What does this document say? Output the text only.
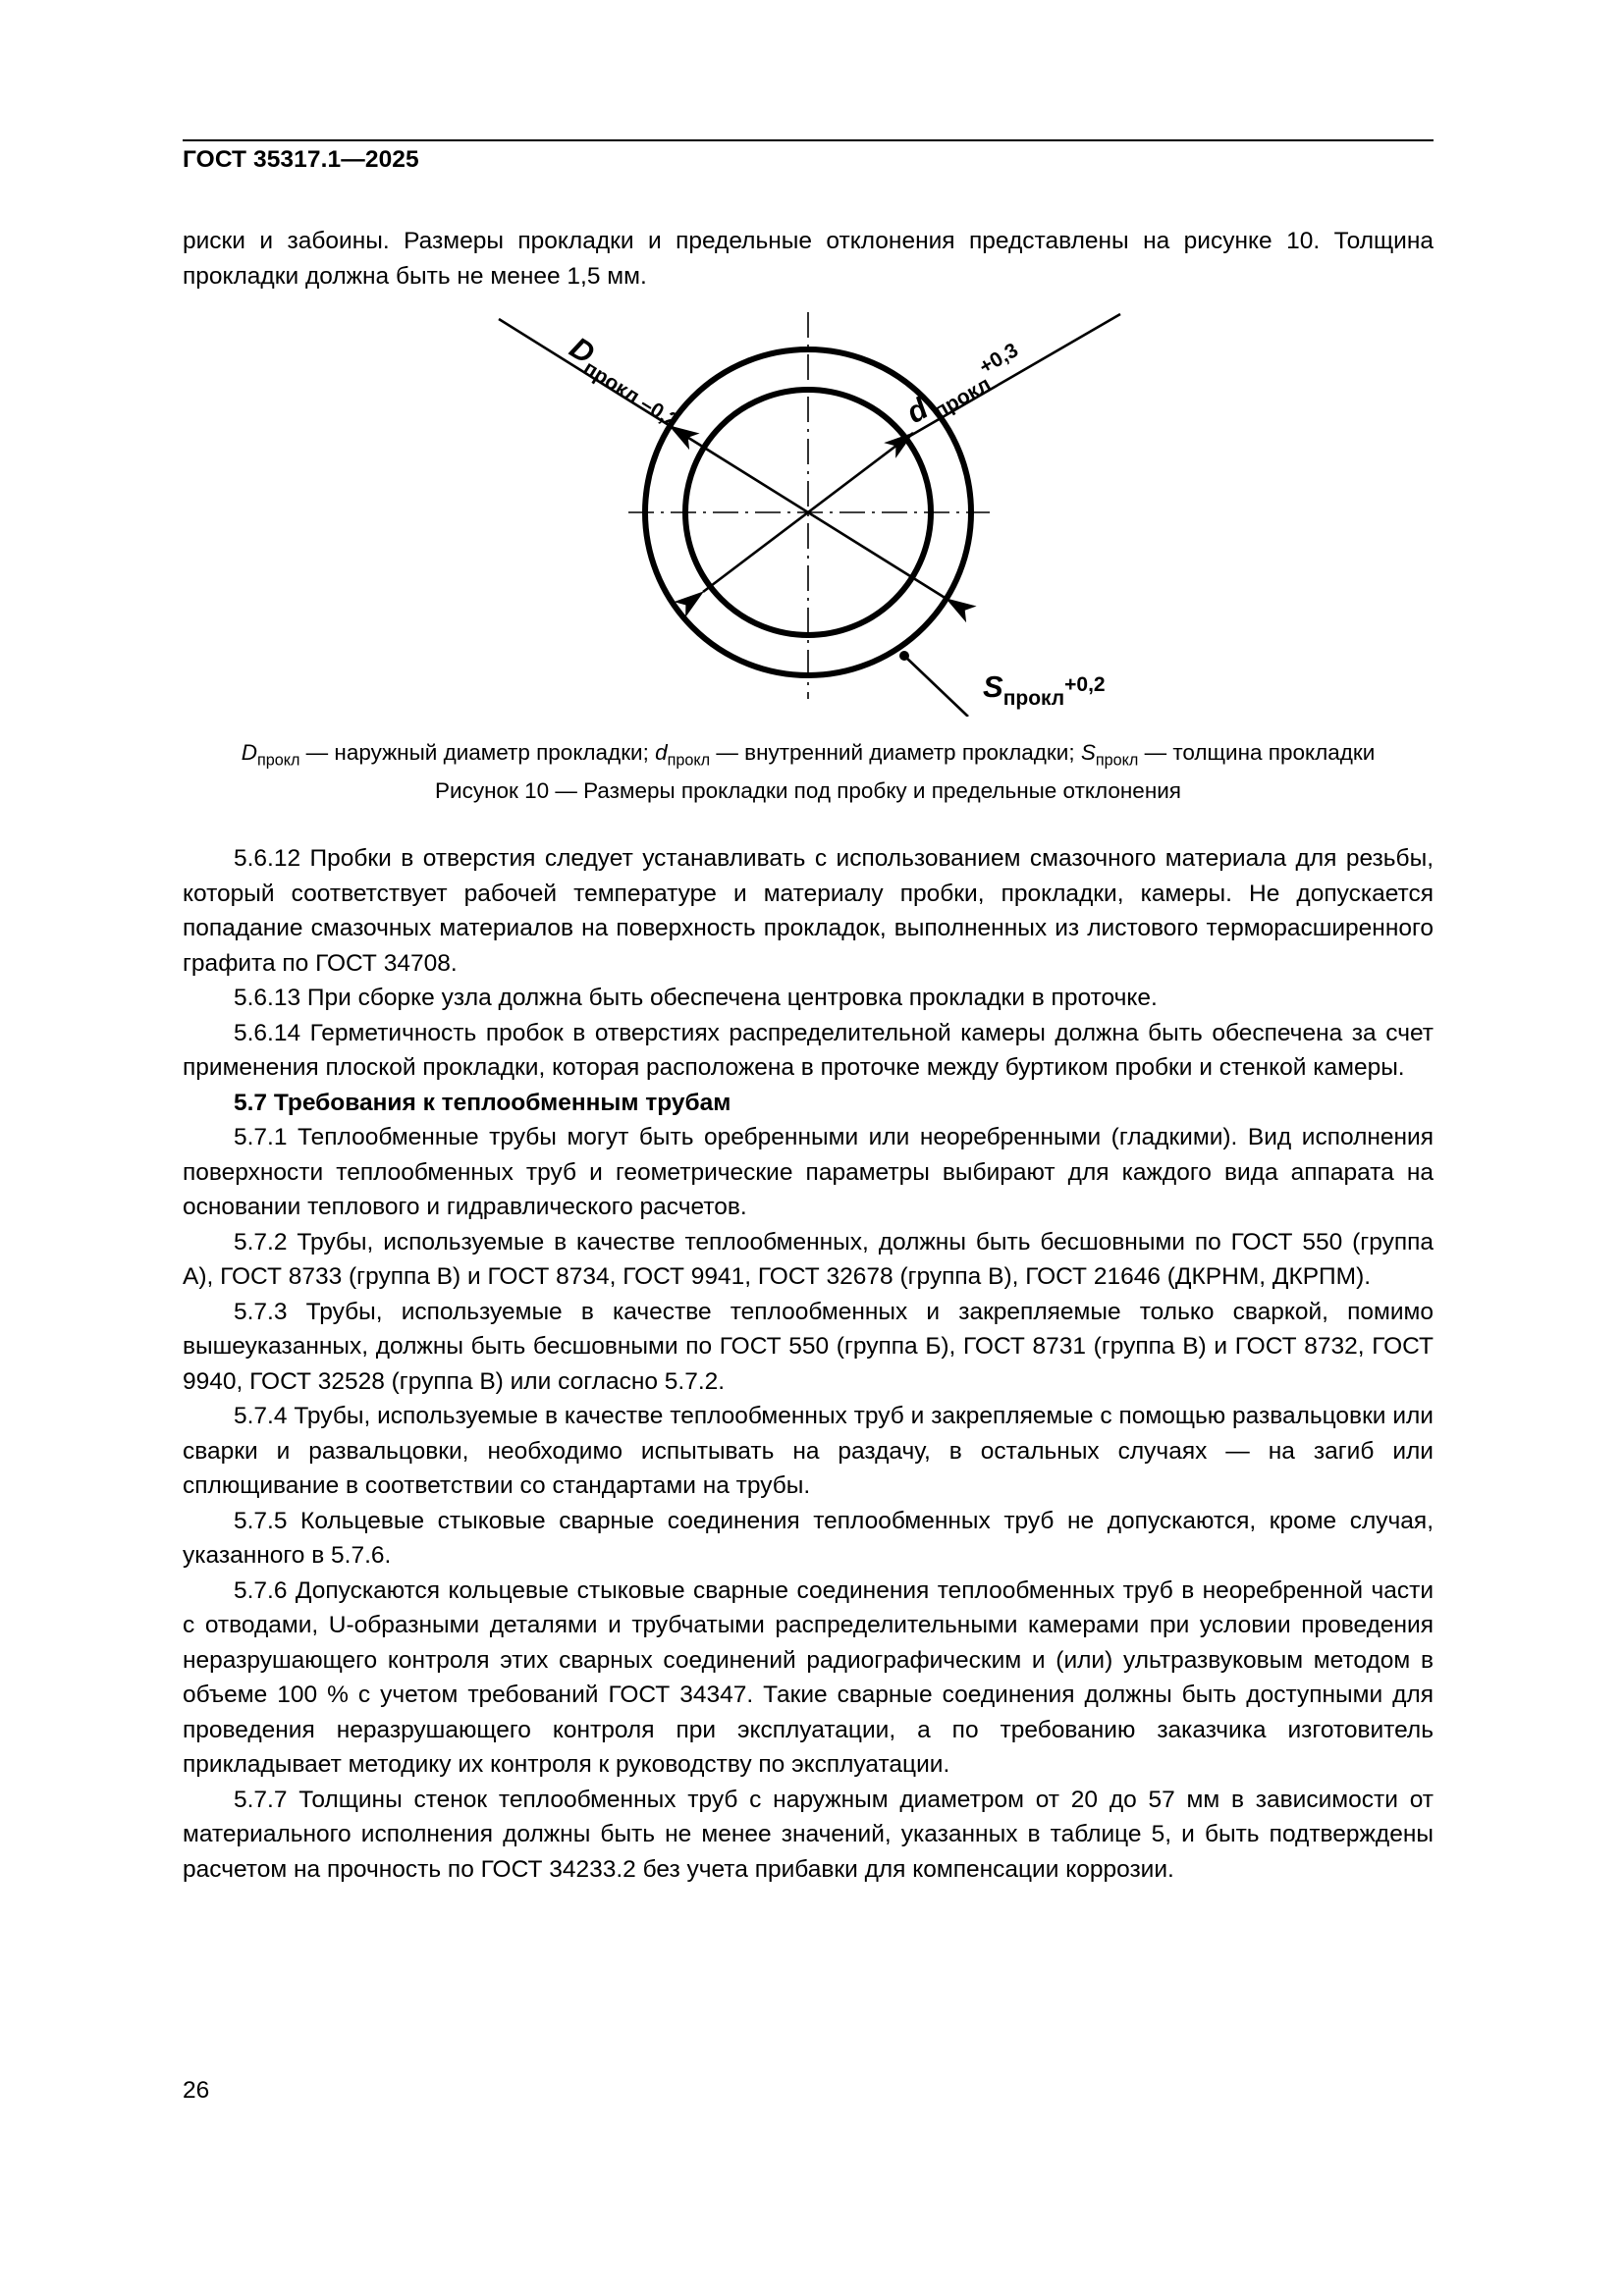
ГОСТ 35317.1—2025

риски и забоины. Размеры прокладки и предельные отклонения представлены на рисунке 10. Толщина прокладки должна быть не менее 1,5 мм.

$D_{прокл}$ –0,2	d $_{прокл}^{+0,3}$
$S_{прокл}^{+0,2}$
$D_{прокл}$ — наружный диаметр прокладки; $d_{прокл}$ — внутренний диаметр прокладки; $S_{прокл}$ — толщина прокладки
Рисунок 10 — Размеры прокладки под пробку и предельные отклонения

5.6.12 Пробки в отверстия следует устанавливать с использованием смазочного материала для резьбы, который соответствует рабочей температуре и материалу пробки, прокладки, камеры. Не допускается попадание смазочных материалов на поверхность прокладок, выполненных из листового терморасширенного графита по ГОСТ 34708.

5.6.13 При сборке узла должна быть обеспечена центровка прокладки в проточке.

5.6.14 Герметичность пробок в отверстиях распределительной камеры должна быть обеспечена за счет применения плоской прокладки, которая расположена в проточке между буртиком пробки и стенкой камеры.

5.7 Требования к теплообменным трубам

5.7.1 Теплообменные трубы могут быть оребренными или неоребренными (гладкими). Вид исполнения поверхности теплообменных труб и геометрические параметры выбирают для каждого вида аппарата на основании теплового и гидравлического расчетов.

5.7.2 Трубы, используемые в качестве теплообменных, должны быть бесшовными по ГОСТ 550 (группа А), ГОСТ 8733 (группа В) и ГОСТ 8734, ГОСТ 9941, ГОСТ 32678 (группа В), ГОСТ 21646 (ДКРНМ, ДКРПМ).

5.7.3 Трубы, используемые в качестве теплообменных и закрепляемые только сваркой, помимо вышеуказанных, должны быть бесшовными по ГОСТ 550 (группа Б), ГОСТ 8731 (группа В) и ГОСТ 8732, ГОСТ 9940, ГОСТ 32528 (группа В) или согласно 5.7.2.

5.7.4 Трубы, используемые в качестве теплообменных труб и закрепляемые с помощью развальцовки или сварки и развальцовки, необходимо испытывать на раздачу, в остальных случаях — на загиб или сплющивание в соответствии со стандартами на трубы.

5.7.5 Кольцевые стыковые сварные соединения теплообменных труб не допускаются, кроме случая, указанного в 5.7.6.

5.7.6 Допускаются кольцевые стыковые сварные соединения теплообменных труб в неоребренной части с отводами, U-образными деталями и трубчатыми распределительными камерами при условии проведения неразрушающего контроля этих сварных соединений радиографическим и (или) ультразвуковым методом в объеме 100 % с учетом требований ГОСТ 34347. Такие сварные соединения должны быть доступными для проведения неразрушающего контроля при эксплуатации, а по требованию заказчика изготовитель прикладывает методику их контроля к руководству по эксплуатации.

5.7.7 Толщины стенок теплообменных труб с наружным диаметром от 20 до 57 мм в зависимости от материального исполнения должны быть не менее значений, указанных в таблице 5, и быть подтверждены расчетом на прочность по ГОСТ 34233.2 без учета прибавки для компенсации коррозии.

26
